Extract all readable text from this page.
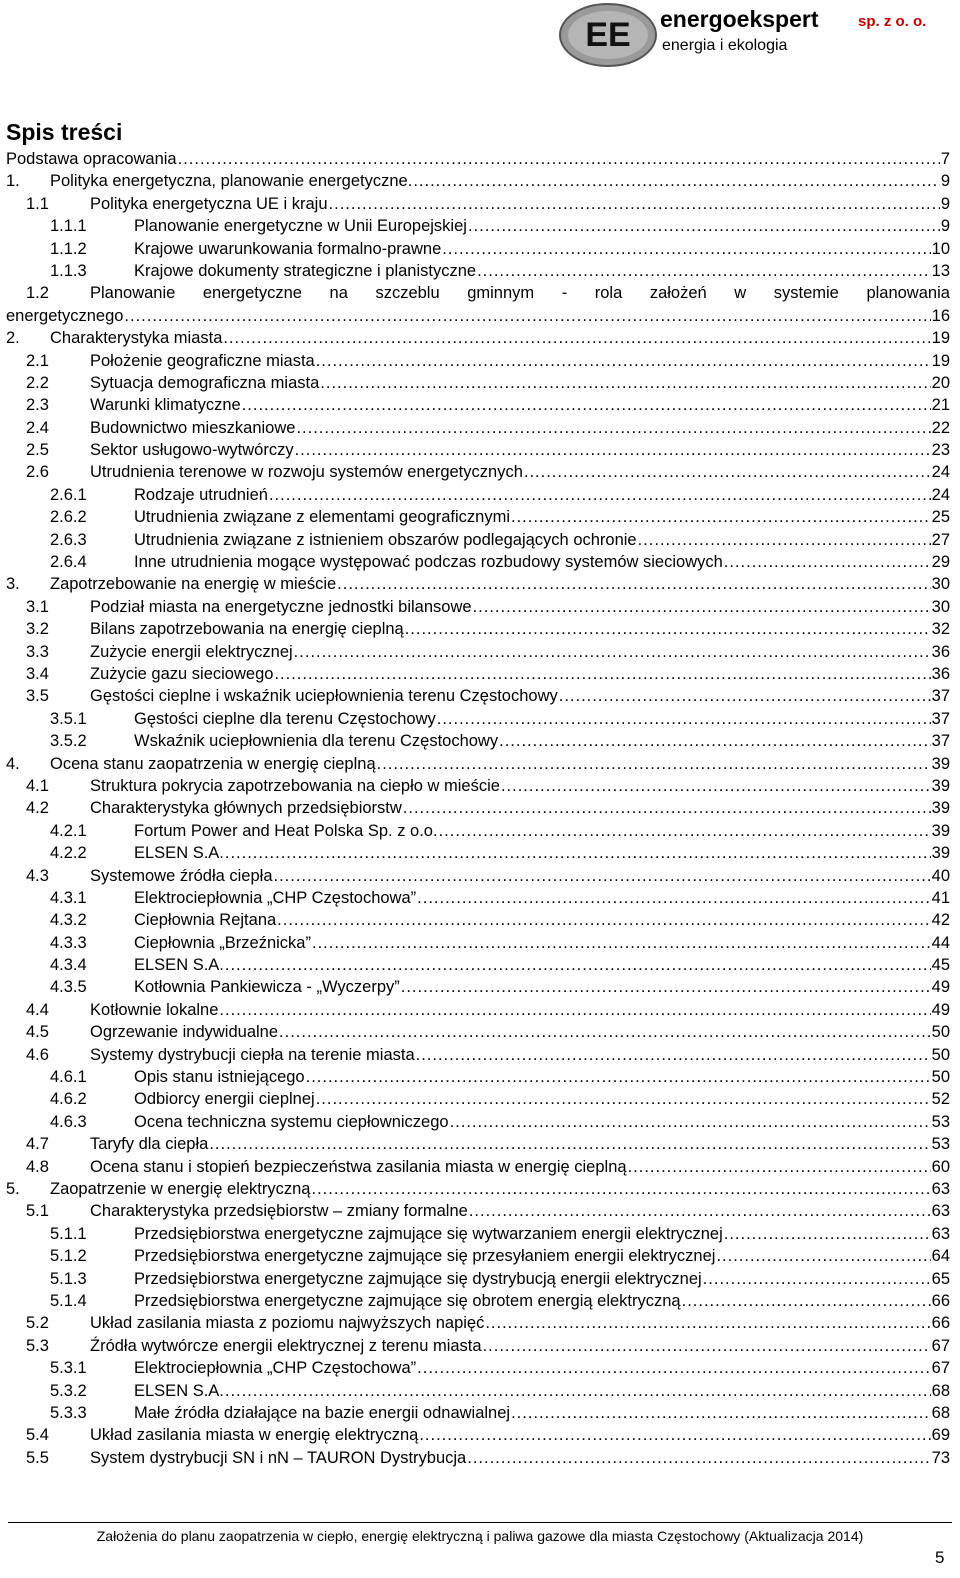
EE energoekspert	sp. z o. o.
energia i ekologia
Spis treści
Podstawa opracowania .....	7
1. Polityka energetyczna, planowanie energetyczne. .....	9
1.1 Polityka energetyczna UE i kraju .....	9
1.1.1	Planowanie energetyczne w Unii Europejskiej .....	9
1.1.2	Krajowe uwarunkowania formalno-prawne .....	10
1.1.3	Krajowe dokumenty strategiczne i planistyczne .....	13
1.2 Planowanie energetyczne na szczeblu gminnym - rola założeń w systemie planowania
energetycznego .....	16
2. Charakterystyka miasta .....	19
2.1 Położenie geograficzne miasta .....	19
2.2 Sytuacja demograficzna miasta .....	20
2.3 Warunki klimatyczne .....	21
2.4 Budownictwo mieszkaniowe .....	22
2.5 Sektor usługowo-wytwórczy .....	23
2.6 Utrudnienia terenowe w rozwoju systemów energetycznych .....	24
2.6.1	Rodzaje utrudnień .....	24
2.6.2	Utrudnienia związane z elementami geograficznymi .....	25
2.6.3	Utrudnienia związane z istnieniem obszarów podlegających ochronie .....	27
2.6.4	Inne utrudnienia mogące występować podczas rozbudowy systemów sieciowych .....	29
3. Zapotrzebowanie na energię w mieście .....	30
3.1 Podział miasta na energetyczne jednostki bilansowe .....	30
3.2 Bilans zapotrzebowania na energię cieplną .....	32
3.3 Zużycie energii elektrycznej .....	36
3.4 Zużycie gazu sieciowego .....	36
3.5 Gęstości cieplne i wskaźnik uciepłownienia terenu Częstochowy .....	37
3.5.1	Gęstości cieplne dla terenu Częstochowy .....	37
3.5.2	Wskaźnik uciepłownienia dla terenu Częstochowy .....	37
4. Ocena stanu zaopatrzenia w energię cieplną .....	39
4.1 Struktura pokrycia zapotrzebowania na ciepło w mieście .....	39
4.2 Charakterystyka głównych przedsiębiorstw .....	39
4.2.1	Fortum Power and Heat Polska Sp. z o.o. .....	39
4.2.2	ELSEN S.A. .....	39
4.3 Systemowe źródła ciepła .....	40
4.3.1	Elektrociepłownia „CHP Częstochowa” .....	41
4.3.2	Ciepłownia Rejtana .....	42
4.3.3	Ciepłownia „Brzeźnicka” .....	44
4.3.4	ELSEN S.A. .....	45
4.3.5	Kotłownia Pankiewicza - „Wyczerpy” .....	49
4.4 Kotłownie lokalne .....	49
4.5 Ogrzewanie indywidualne .....	50
4.6 Systemy dystrybucji ciepła na terenie miasta .....	50
4.6.1	Opis stanu istniejącego .....	50
4.6.2	Odbiorcy energii cieplnej .....	52
4.6.3	Ocena techniczna systemu ciepłowniczego .....	53
4.7 Taryfy dla ciepła .....	53
4.8 Ocena stanu i stopień bezpieczeństwa zasilania miasta w energię cieplną .....	60
5. Zaopatrzenie w energię elektryczną .....	63
5.1 Charakterystyka przedsiębiorstw – zmiany formalne .....	63
5.1.1	Przedsiębiorstwa energetyczne zajmujące się wytwarzaniem energii elektrycznej .....	63
5.1.2	Przedsiębiorstwa energetyczne zajmujące się przesyłaniem energii elektrycznej .....	64
5.1.3	Przedsiębiorstwa energetyczne zajmujące się dystrybucją energii elektrycznej .....	65
5.1.4	Przedsiębiorstwa energetyczne zajmujące się obrotem energią elektryczną .....	66
5.2 Układ zasilania miasta z poziomu najwyższych napięć .....	66
5.3 Źródła wytwórcze energii elektrycznej z terenu miasta .....	67
5.3.1	Elektrociepłownia „CHP Częstochowa” .....	67
5.3.2	ELSEN S.A. .....	68
5.3.3	Małe źródła działające na bazie energii odnawialnej .....	68
5.4 Układ zasilania miasta w energię elektryczną .....	69
5.5 System dystrybucji SN i nN – TAURON Dystrybucja .....	73
Założenia do planu zaopatrzenia w ciepło, energię elektryczną i paliwa gazowe dla miasta Częstochowy (Aktualizacja 2014)
5
